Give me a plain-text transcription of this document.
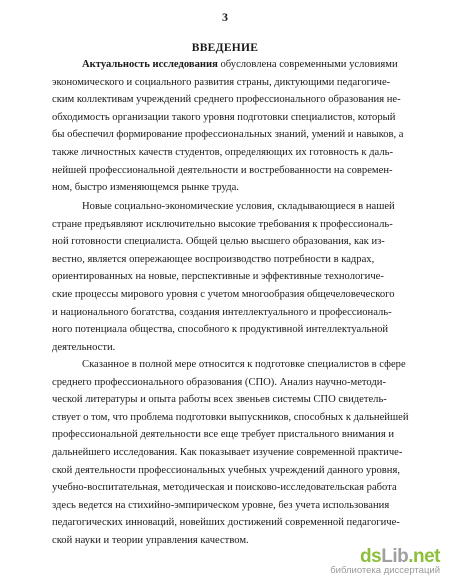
3
ВВЕДЕНИЕ
Актуальность исследования обусловлена современными условиями
экономического и социального развития страны, диктующими педагогиче-
ским коллективам учреждений среднего профессионального образования не-
обходимость организации такого уровня подготовки специалистов, который
бы обеспечил формирование профессиональных знаний, умений и навыков, а
также личностных качеств студентов, определяющих их готовность к даль-
нейшей профессиональной деятельности и востребованности на современ-
ном, быстро изменяющемся рынке труда.
Новые социально-экономические условия, складывающиеся в нашей
стране предъявляют исключительно высокие требования к профессиональ-
ной готовности специалиста. Общей целью высшего образования, как из-
вестно, является опережающее воспроизводство потребности в кадрах,
ориентированных на новые, перспективные и эффективные технологиче-
ские процессы мирового уровня с учетом многообразия общечеловеческого
и национального богатства, создания интеллектуального и профессиональ-
ного потенциала общества, способного к продуктивной интеллектуальной
деятельности.
Сказанное в полной мере относится к подготовке специалистов в сфере
среднего профессионального образования (СПО). Анализ научно-методи-
ческой литературы и опыта работы всех звеньев системы СПО свидетель-
ствует о том, что проблема подготовки выпускников, способных к дальнейшей
профессиональной деятельности все еще требует пристального внимания и
дальнейшего исследования. Как показывает изучение современной практиче-
ской деятельности профессиональных учебных учреждений данного уровня,
учебно-воспитательная, методическая и поисково-исследовательская работа
здесь ведется на стихийно-эмпирическом уровне, без учета использования
педагогических инноваций, новейших достижений современной педагогиче-
ской науки и теории управления качеством.
dsLib.net
библиотека диссертаций
